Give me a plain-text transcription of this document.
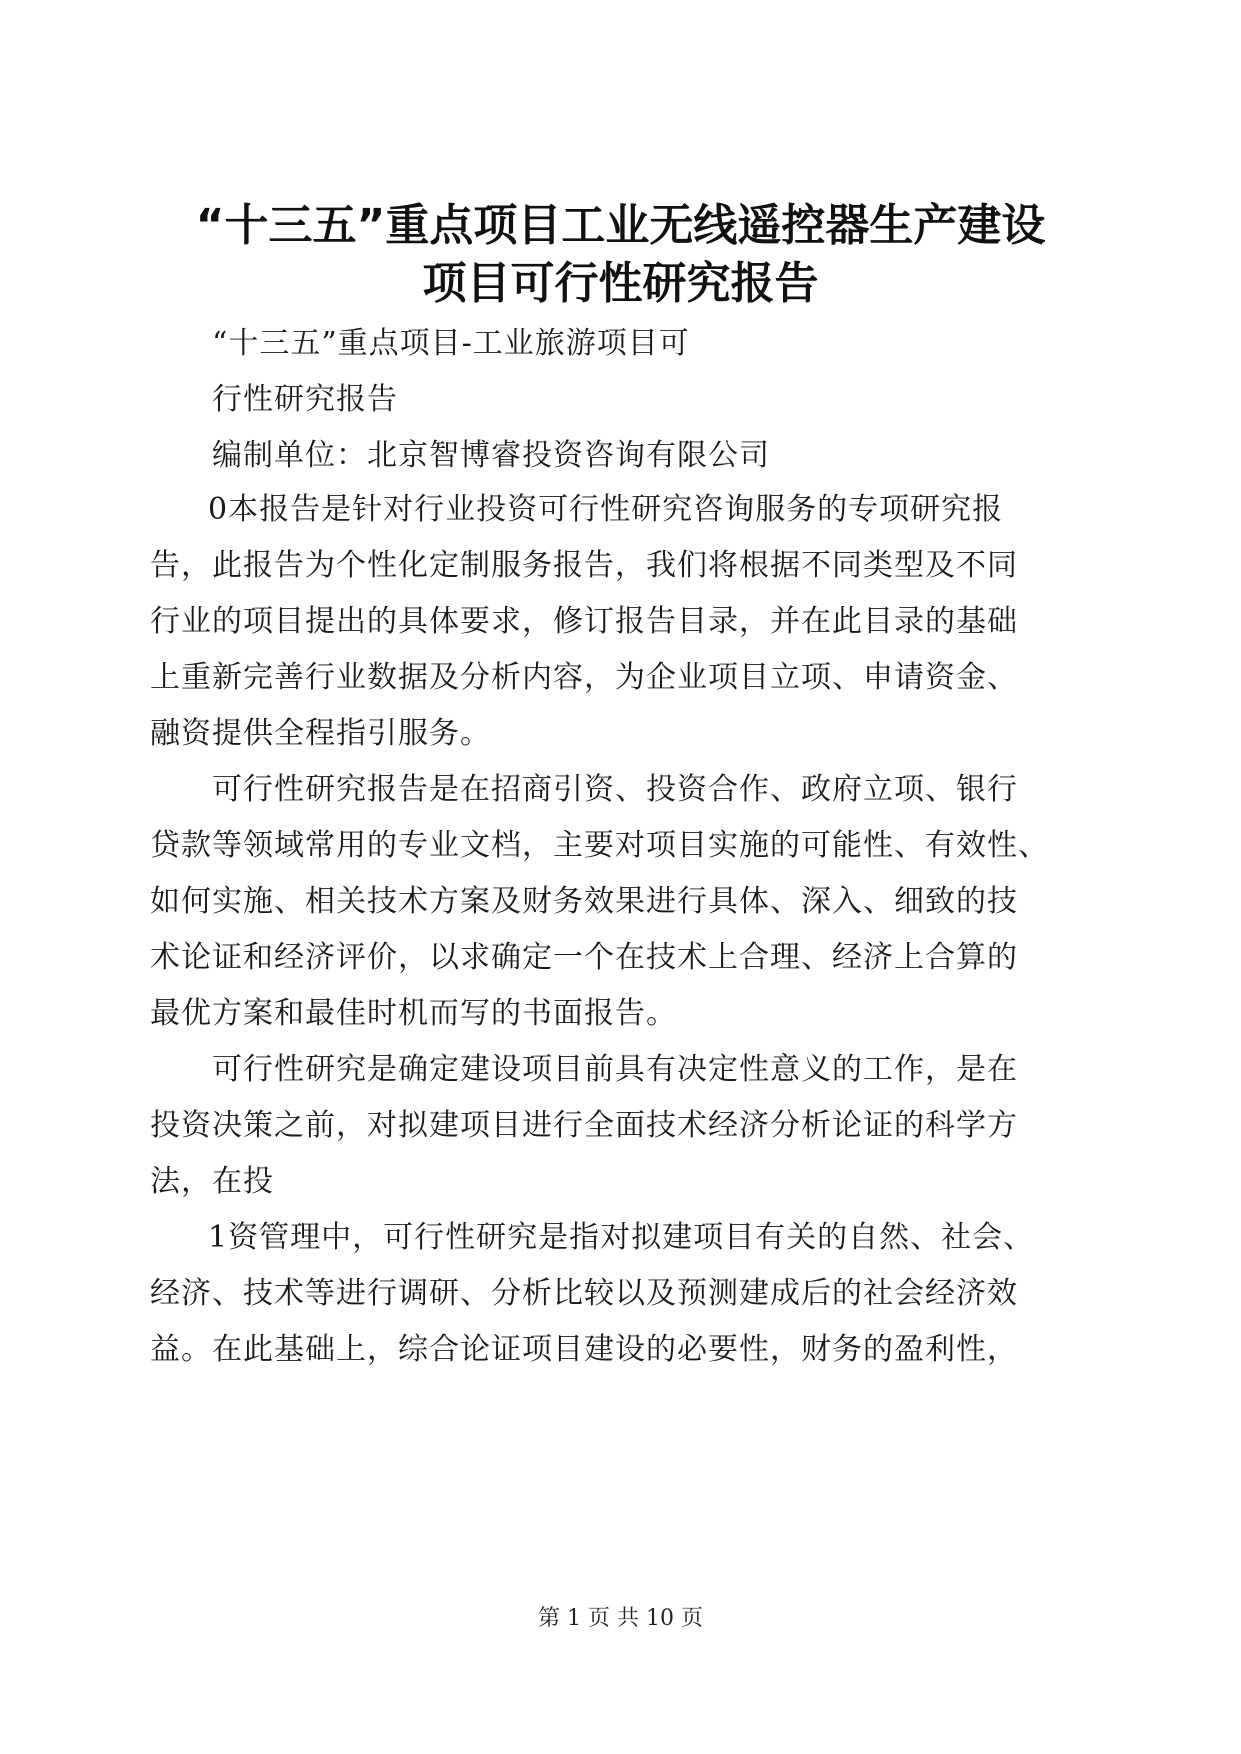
“十三五”重点项目工业无线遥控器生产建设
项目可行性研究报告
“十三五”重点项目-工业旅游项目可
行性研究报告
编制单位：北京智博睿投资咨询有限公司
0本报告是针对行业投资可行性研究咨询服务的专项研究报
告，此报告为个性化定制服务报告，我们将根据不同类型及不同
行业的项目提出的具体要求，修订报告目录，并在此目录的基础
上重新完善行业数据及分析内容，为企业项目立项、申请资金、
融资提供全程指引服务。
可行性研究报告是在招商引资、投资合作、政府立项、银行
贷款等领域常用的专业文档，主要对项目实施的可能性、有效性、
如何实施、相关技术方案及财务效果进行具体、深入、细致的技
术论证和经济评价，以求确定一个在技术上合理、经济上合算的
最优方案和最佳时机而写的书面报告。
可行性研究是确定建设项目前具有决定性意义的工作，是在
投资决策之前，对拟建项目进行全面技术经济分析论证的科学方
法，在投
1资管理中，可行性研究是指对拟建项目有关的自然、社会、
经济、技术等进行调研、分析比较以及预测建成后的社会经济效
益。在此基础上，综合论证项目建设的必要性，财务的盈利性，
第 1 页 共 10 页
